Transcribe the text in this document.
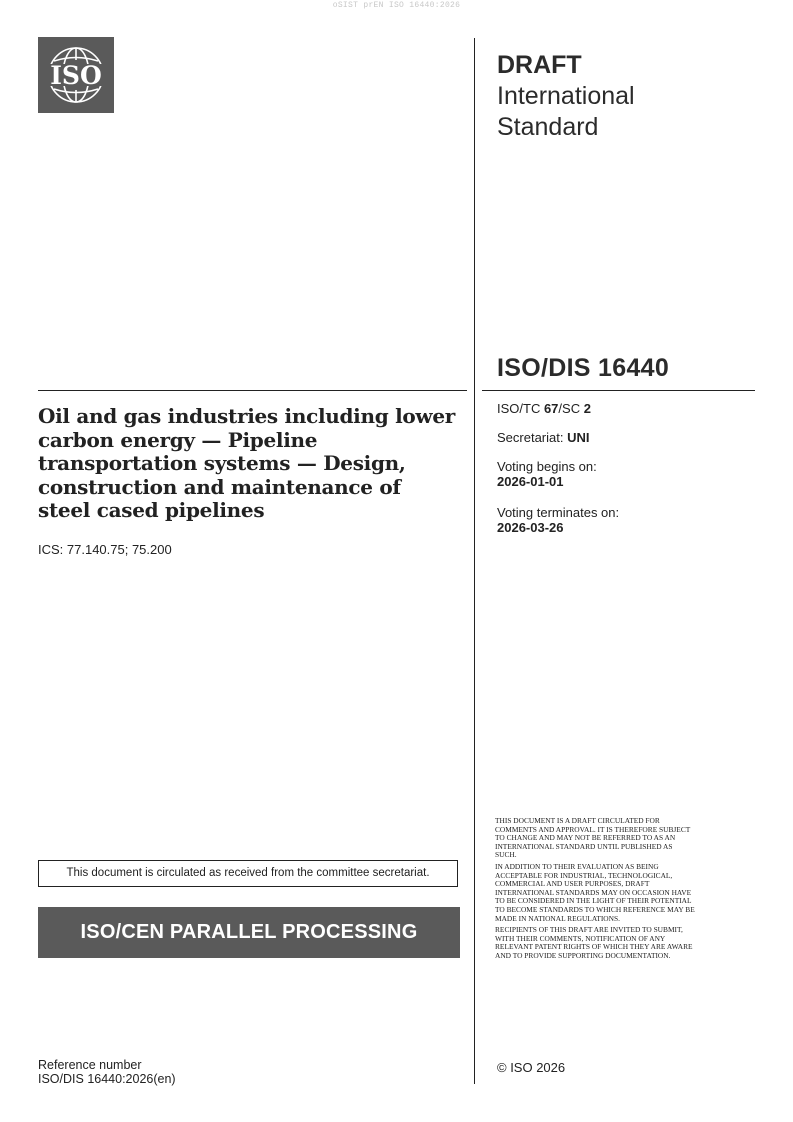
oSIST prEN ISO 16440:2026
ISO	DRAFT
International
Standard
ISO/DIS 16440
Oil and gas industries including lower carbon energy — Pipeline transportation systems — Design, construction and maintenance of steel cased pipelines
ICS: 77.140.75; 75.200
ISO/TC 67/SC 2
Secretariat: UNI
Voting begins on:
2026-01-01
Voting terminates on:
2026-03-26
This document is circulated as received from the committee secretariat.
ISO/CEN PARALLEL PROCESSING

THIS DOCUMENT IS A DRAFT CIRCULATED FOR COMMENTS AND APPROVAL. IT IS THEREFORE SUBJECT TO CHANGE AND MAY NOT BE REFERRED TO AS AN INTERNATIONAL STANDARD UNTIL PUBLISHED AS SUCH.

IN ADDITION TO THEIR EVALUATION AS BEING ACCEPTABLE FOR INDUSTRIAL, TECHNOLOGICAL, COMMERCIAL AND USER PURPOSES, DRAFT INTERNATIONAL STANDARDS MAY ON OCCASION HAVE TO BE CONSIDERED IN THE LIGHT OF THEIR POTENTIAL TO BECOME STANDARDS TO WHICH REFERENCE MAY BE MADE IN NATIONAL REGULATIONS.

RECIPIENTS OF THIS DRAFT ARE INVITED TO SUBMIT, WITH THEIR COMMENTS, NOTIFICATION OF ANY RELEVANT PATENT RIGHTS OF WHICH THEY ARE AWARE AND TO PROVIDE SUPPORTING DOCUMENTATION.

© ISO 2026
Reference number
ISO/DIS 16440:2026(en)
